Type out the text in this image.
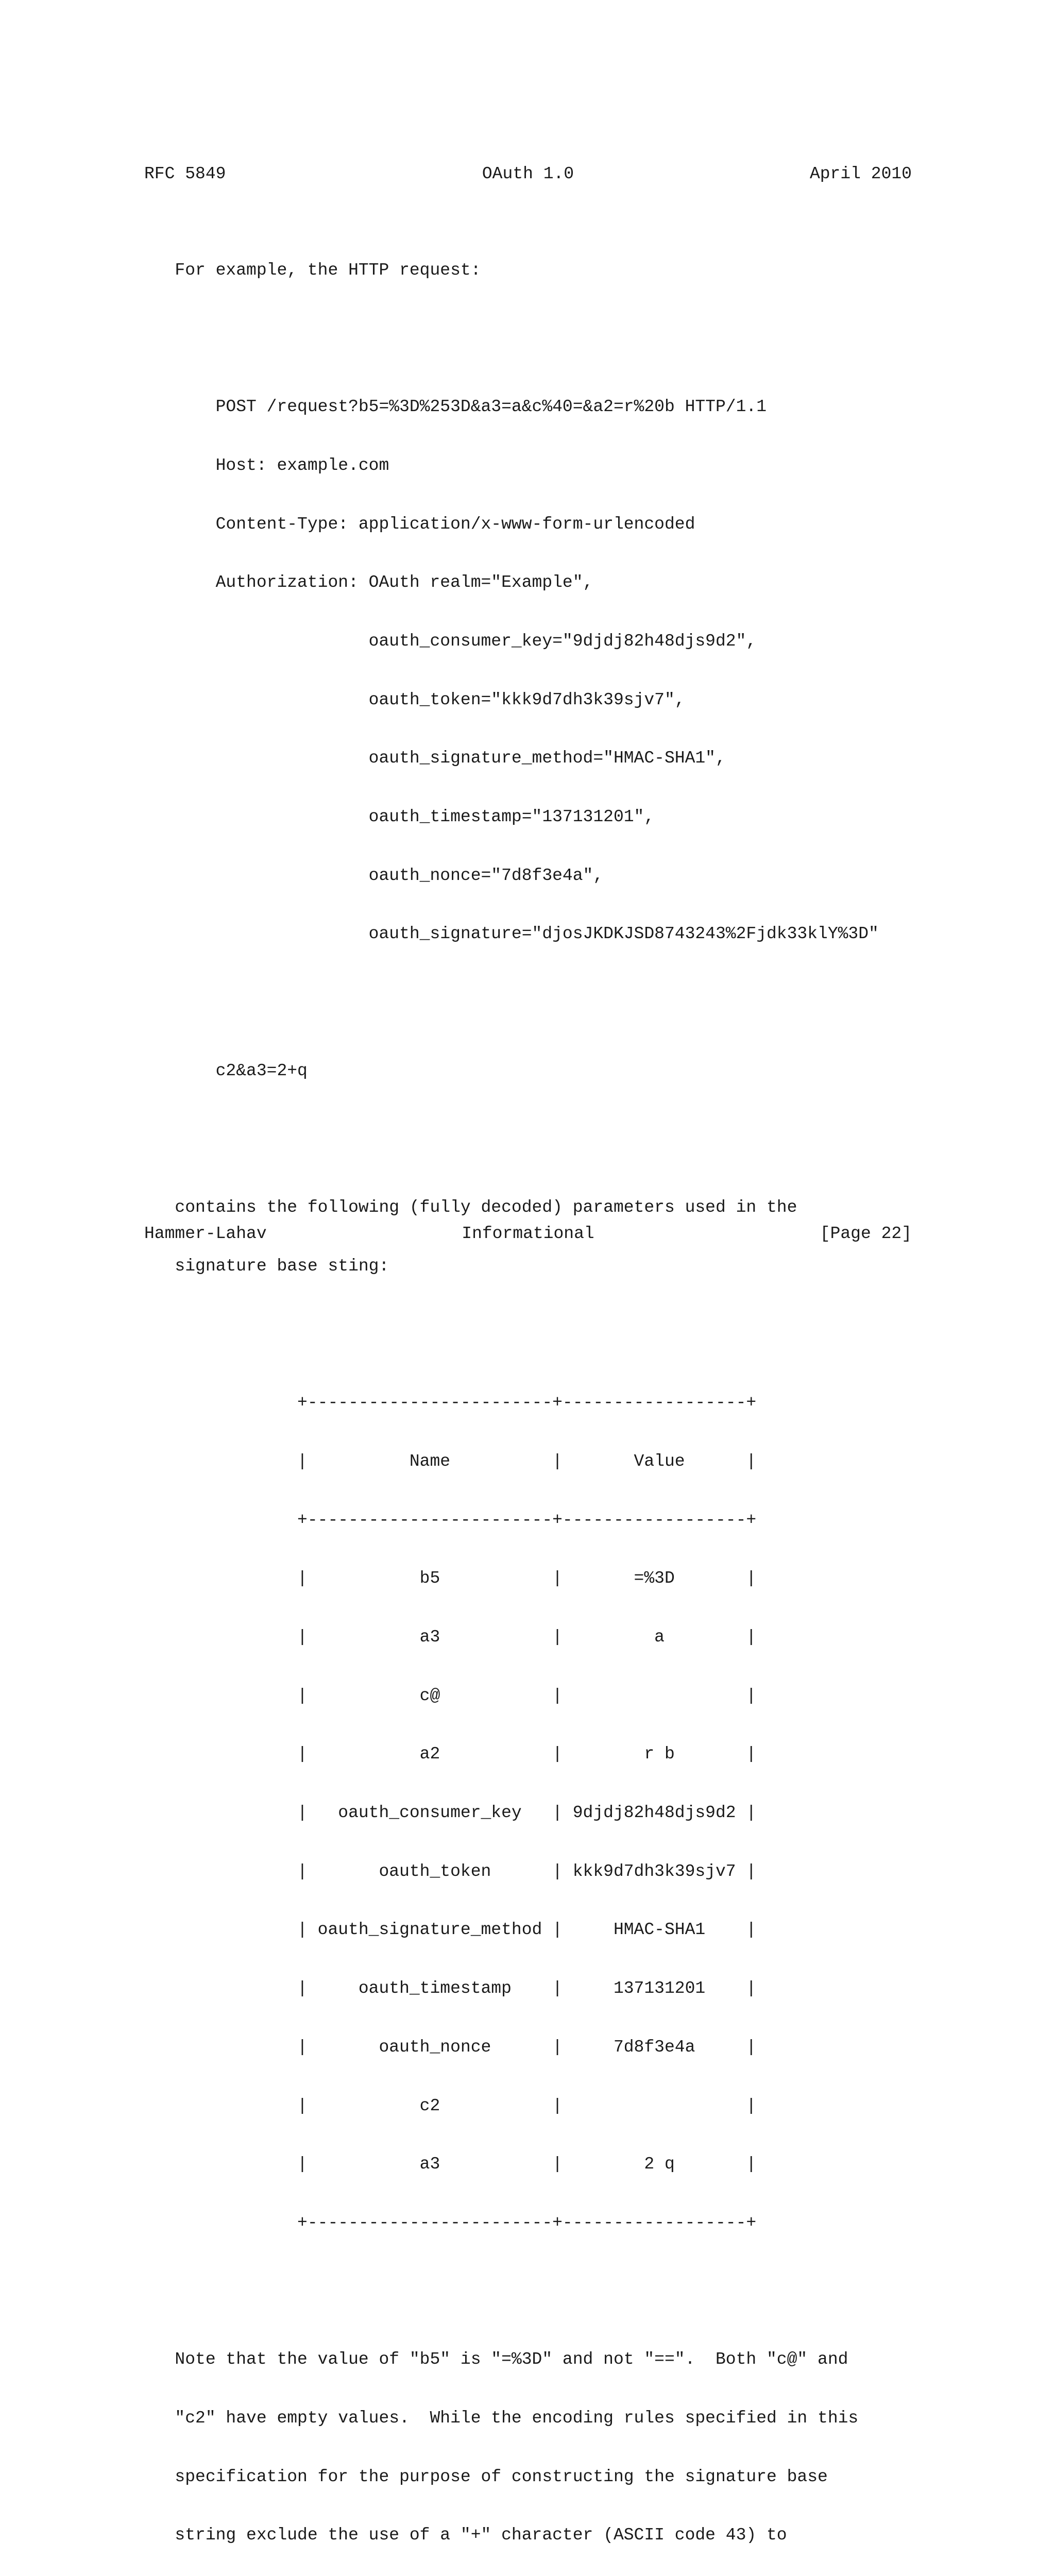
RFC 5849	OAuth 1.0	April 2010

For example, the HTTP request:

POST /request?b5=%3D%253D&a3=a&c%40=&a2=r%20b HTTP/1.1

Host: example.com

Content-Type: application/x-www-form-urlencoded

Authorization: OAuth realm="Example",

oauth_consumer_key="9djdj82h48djs9d2",

oauth_token="kkk9d7dh3k39sjv7",

oauth_signature_method="HMAC-SHA1",

oauth_timestamp="137131201",

oauth_nonce="7d8f3e4a",

oauth_signature="djosJKDKJSD8743243%2Fjdk33klY%3D"

c2&a3=2+q

contains the following (fully decoded) parameters used in the

signature base sting:

+------------------------+------------------+

|          Name          |       Value      |

+------------------------+------------------+

|           b5           |       =%3D       |

|           a3           |         a        |

|           c@           |                  |

|           a2           |        r b       |

|   oauth_consumer_key   | 9djdj82h48djs9d2 |

|       oauth_token      | kkk9d7dh3k39sjv7 |

| oauth_signature_method |     HMAC-SHA1    |

|     oauth_timestamp    |     137131201    |

|       oauth_nonce      |     7d8f3e4a     |

|           c2           |                  |

|           a3           |        2 q       |

+------------------------+------------------+

Note that the value of "b5" is "=%3D" and not "==".  Both "c@" and

"c2" have empty values.  While the encoding rules specified in this

specification for the purpose of constructing the signature base

string exclude the use of a "+" character (ASCII code 43) to

Hammer-Lahav	Informational	[Page 22]
